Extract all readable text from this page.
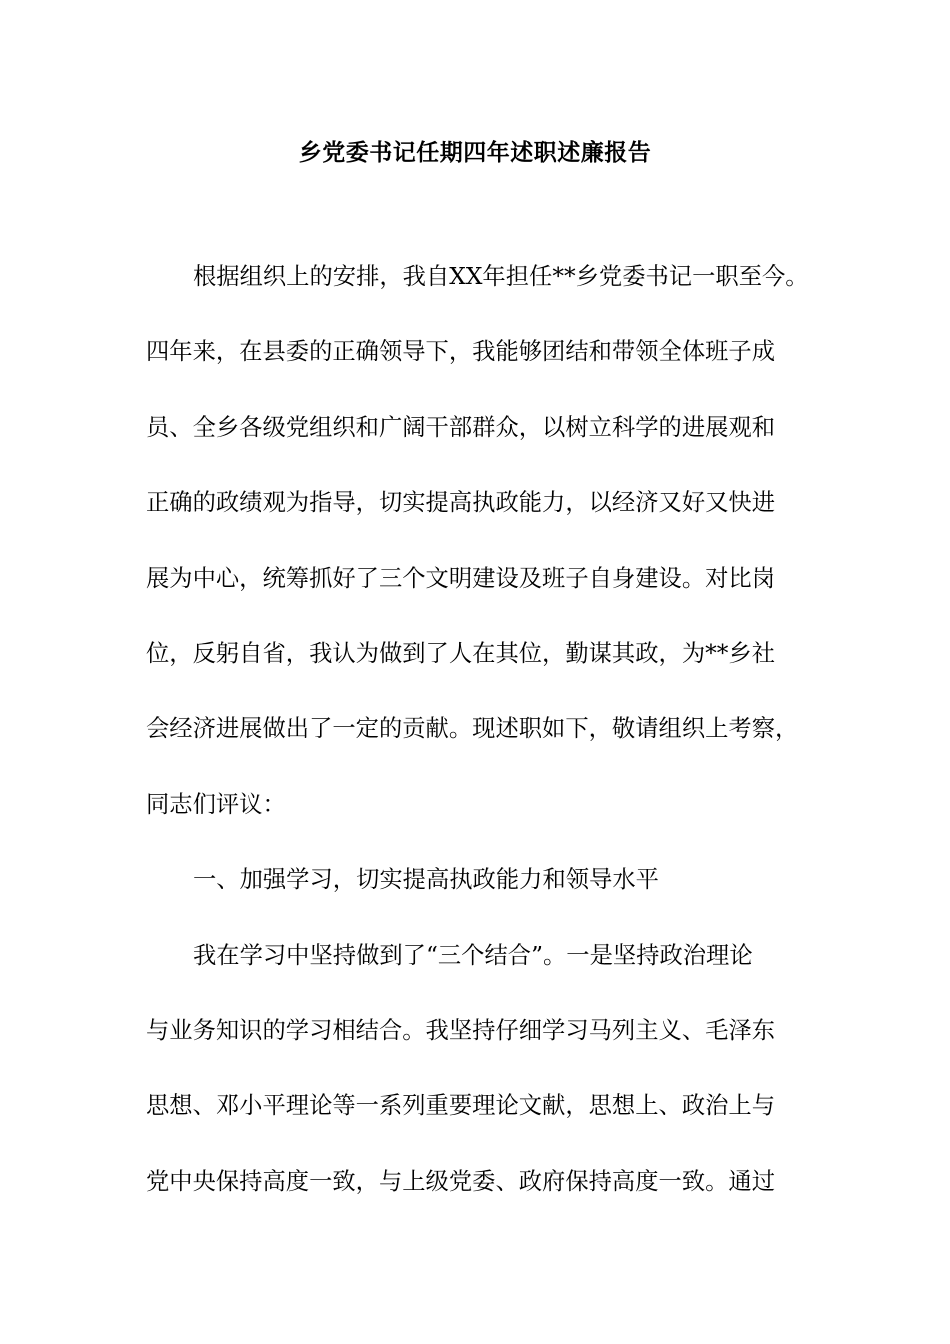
乡党委书记任期四年述职述廉报告
根据组织上的安排，我自XX年担任**乡党委书记一职至今。
四年来，在县委的正确领导下，我能够团结和带领全体班子成
员、全乡各级党组织和广阔干部群众，以树立科学的进展观和
正确的政绩观为指导，切实提高执政能力，以经济又好又快进
展为中心，统筹抓好了三个文明建设及班子自身建设。对比岗
位，反躬自省，我认为做到了人在其位，勤谋其政，为**乡社
会经济进展做出了一定的贡献。现述职如下，敬请组织上考察，
同志们评议：
一、加强学习，切实提高执政能力和领导水平
我在学习中坚持做到了“三个结合”。一是坚持政治理论
与业务知识的学习相结合。我坚持仔细学习马列主义、毛泽东
思想、邓小平理论等一系列重要理论文献，思想上、政治上与
党中央保持高度一致，与上级党委、政府保持高度一致。通过
